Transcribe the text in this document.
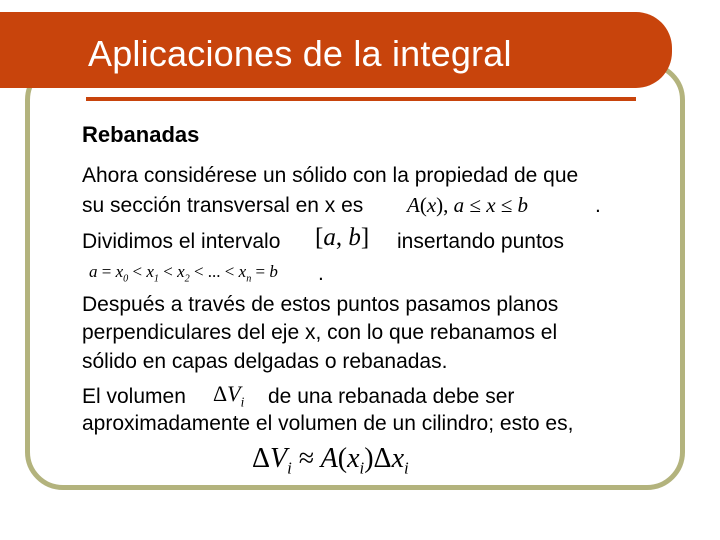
Aplicaciones de la integral
Rebanadas
Ahora considérese un sólido con la propiedad de que
su sección transversal en x es A(x), a ≤ x ≤ b	.
Dividimos el intervalo [a, b] insertando puntos
$a = x_0 < x_1 < x_2$ < ... < $x_n = b$ .
Después a través de estos puntos pasamos planos
perpendiculares del eje x, con lo que rebanamos el
sólido en capas delgadas o rebanadas.
El volumen $\Delta V_i$ de una rebanada debe ser
aproximadamente el volumen de un cilindro; esto es,
$\Delta V_i \approx A(x_i)\Delta x_i$
